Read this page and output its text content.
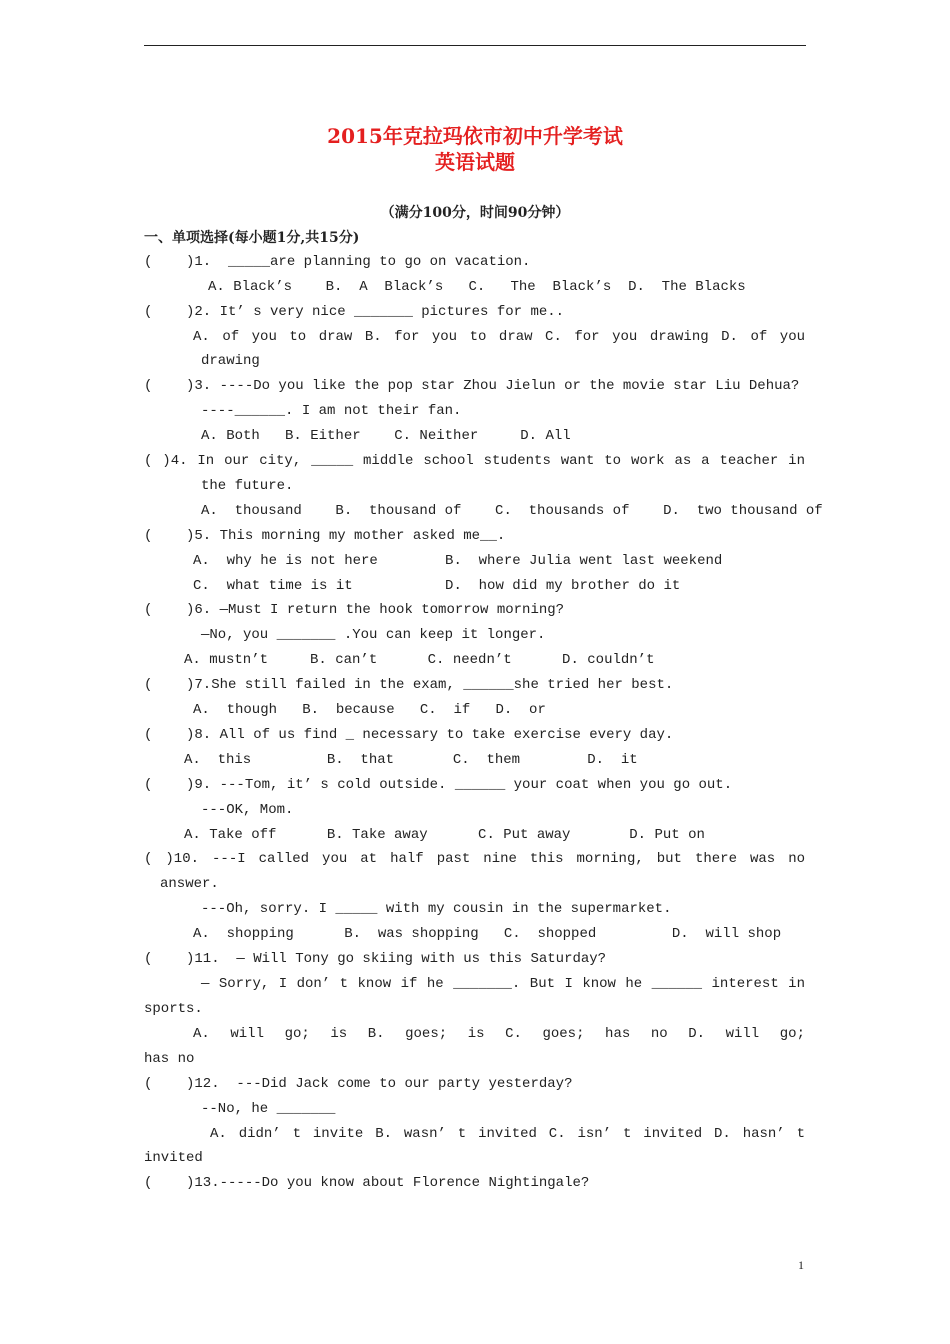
2015年克拉玛依市初中升学考试
英语试题
（满分100分，时间90分钟）
一、单项选择(每小题1分,共15分)
(    )1.  _____are planning to go on vacation.
A. Black’s    B.  A  Black’s   C.   The  Black’s  D.  The Blacks
(    )2. It’ s very nice _______ pictures for me..
A. of you to draw B. for you to draw C. for you drawing D. of you
drawing
(    )3. ----Do you like the pop star Zhou Jielun or the movie star Liu Dehua?
----______. I am not their fan.
A. Both   B. Either    C. Neither     D. All
( )4. In our city, _____ middle school students want to work as a teacher in
the future.
A.  thousand    B.  thousand of    C.  thousands of    D.  two thousand of
(    )5. This morning my mother asked me__.
A.  why he is not here        B.  where Julia went last weekend
C.  what time is it           D.  how did my brother do it
(    )6. —Must I return the hook tomorrow morning?
—No, you _______ .You can keep it longer.
A. mustn’t     B. can’t      C. needn’t      D. couldn’t
(    )7.She still failed in the exam, ______she tried her best.
A.  though   B.  because   C.  if   D.  or
(    )8. All of us find _ necessary to take exercise every day.
A.  this         B.  that       C.  them        D.  it
(    )9. ---Tom, it’ s cold outside. ______ your coat when you go out.
---OK, Mom.
A. Take off      B. Take away      C. Put away       D. Put on
( )10. ---I called you at half past nine this morning, but there was no
answer.
---Oh, sorry. I _____ with my cousin in the supermarket.
A.  shopping      B.  was shopping   C.  shopped         D.  will shop
(    )11.  — Will Tony go skiing with us this Saturday?
— Sorry, I don’ t know if he _______. But I know he ______ interest in
sports.
A. will go; is B. goes; is C. goes; has no D. will go;
has no
(    )12.  ---Did Jack come to our party yesterday?
--No, he _______
A. didn’ t invite B. wasn’ t invited C. isn’ t invited D. hasn’ t
invited
(    )13.-----Do you know about Florence Nightingale?
1
